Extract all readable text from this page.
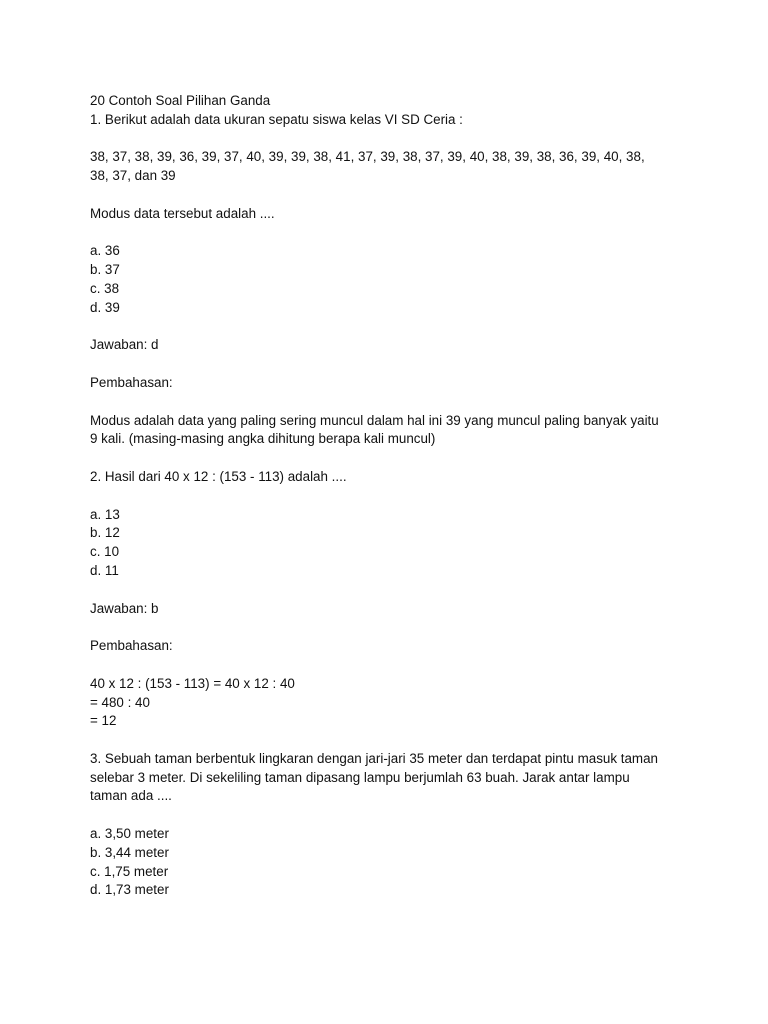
20 Contoh Soal Pilihan Ganda
1. Berikut adalah data ukuran sepatu siswa kelas VI SD Ceria :
38, 37, 38, 39, 36, 39, 37, 40, 39, 39, 38, 41, 37, 39, 38, 37, 39, 40, 38, 39, 38, 36, 39, 40, 38,
38, 37, dan 39
Modus data tersebut adalah ....
a. 36
b. 37
c. 38
d. 39
Jawaban: d
Pembahasan:
Modus adalah data yang paling sering muncul dalam hal ini 39 yang muncul paling banyak yaitu
9 kali. (masing-masing angka dihitung berapa kali muncul)
2. Hasil dari 40 x 12 : (153 - 113) adalah ....
a. 13
b. 12
c. 10
d. 11
Jawaban: b
Pembahasan:
40 x 12 : (153 - 113) = 40 x 12 : 40
= 480 : 40
= 12
3. Sebuah taman berbentuk lingkaran dengan jari-jari 35 meter dan terdapat pintu masuk taman
selebar 3 meter. Di sekeliling taman dipasang lampu berjumlah 63 buah. Jarak antar lampu
taman ada ....
a. 3,50 meter
b. 3,44 meter
c. 1,75 meter
d. 1,73 meter
